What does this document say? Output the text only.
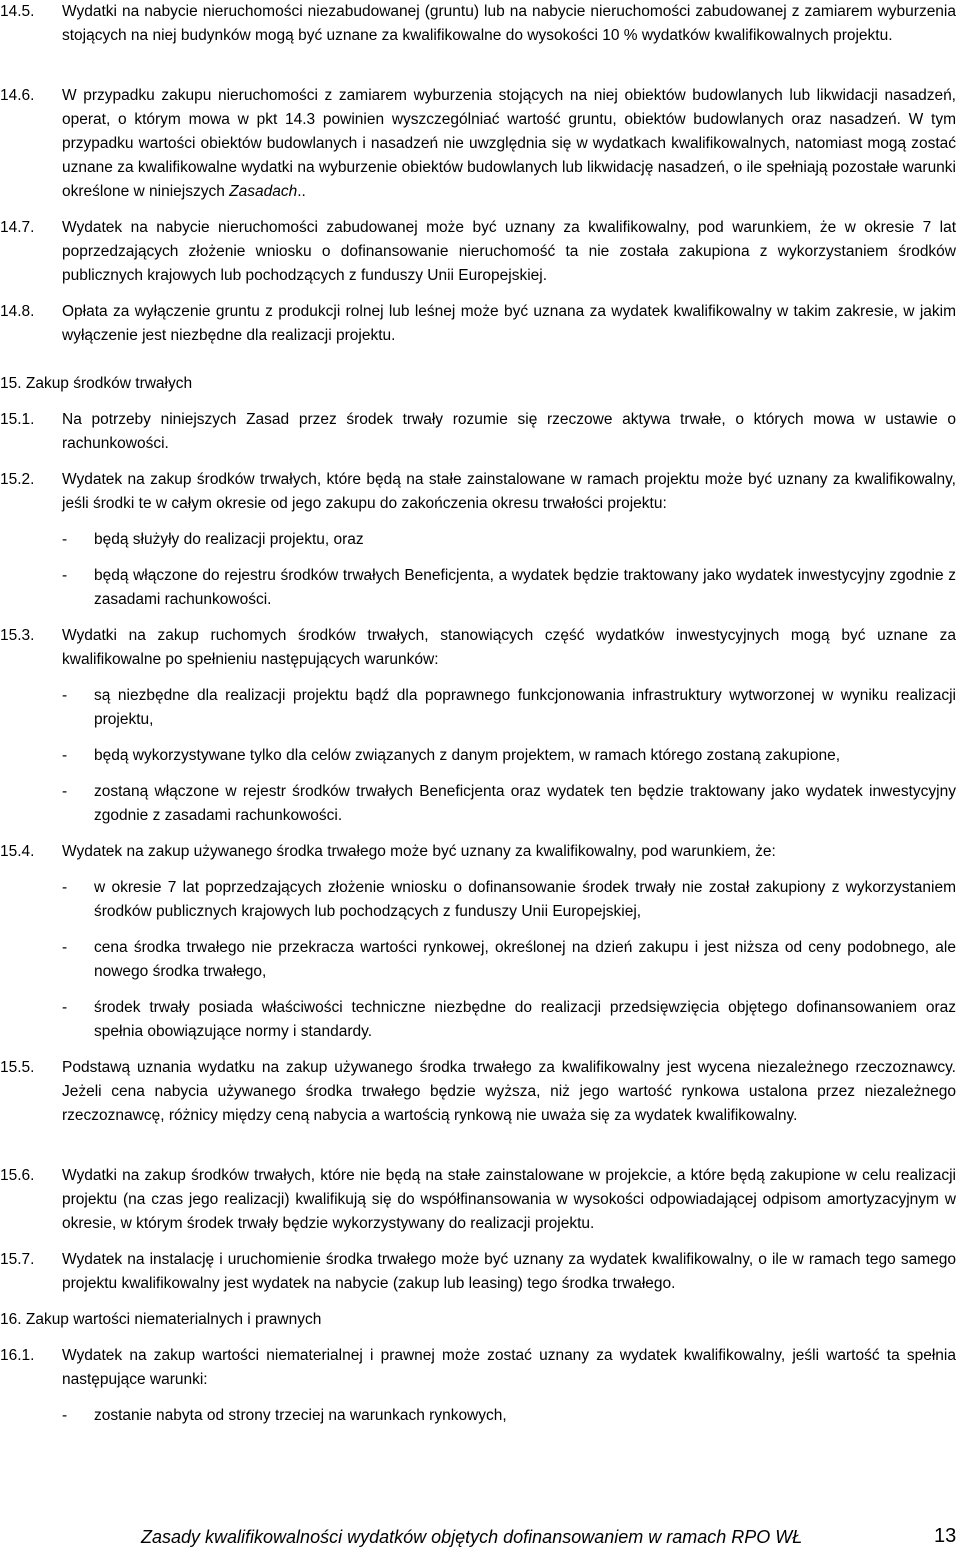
14.5.	Wydatki na nabycie nieruchomości niezabudowanej (gruntu) lub na nabycie nieruchomości zabudowanej z zamiarem wyburzenia stojących na niej budynków mogą być uznane za kwalifikowalne do wysokości 10 % wydatków kwalifikowalnych projektu.
14.6.	W przypadku zakupu nieruchomości z zamiarem wyburzenia stojących na niej obiektów budowlanych lub likwidacji nasadzeń, operat, o którym mowa w pkt 14.3 powinien wyszczególniać wartość gruntu, obiektów budowlanych oraz nasadzeń. W tym przypadku wartości obiektów budowlanych i nasadzeń nie uwzględnia się w wydatkach kwalifikowalnych, natomiast mogą zostać uznane za kwalifikowalne wydatki na wyburzenie obiektów budowlanych lub likwidację nasadzeń, o ile spełniają pozostałe warunki określone w niniejszych Zasadach..
14.7.	Wydatek na nabycie nieruchomości zabudowanej może być uznany za kwalifikowalny, pod warunkiem, że w okresie 7 lat poprzedzających złożenie wniosku o dofinansowanie nieruchomość ta nie została zakupiona z wykorzystaniem środków publicznych krajowych lub pochodzących z funduszy Unii Europejskiej.
14.8.	Opłata za wyłączenie gruntu z produkcji rolnej lub leśnej może być uznana za wydatek kwalifikowalny w takim zakresie, w jakim wyłączenie jest niezbędne dla realizacji projektu.
15. Zakup środków trwałych
15.1.	Na potrzeby niniejszych Zasad przez środek trwały rozumie się rzeczowe aktywa trwałe, o których mowa w ustawie o rachunkowości.
15.2.	Wydatek na zakup środków trwałych, które będą na stałe zainstalowane w ramach projektu może być uznany za kwalifikowalny, jeśli środki te w całym okresie od jego zakupu do zakończenia okresu trwałości projektu:
-	będą służyły do realizacji projektu, oraz
-	będą włączone do rejestru środków trwałych Beneficjenta, a wydatek będzie traktowany jako wydatek inwestycyjny zgodnie z zasadami rachunkowości.
15.3.	Wydatki na zakup ruchomych środków trwałych, stanowiących część wydatków inwestycyjnych mogą być uznane za kwalifikowalne po spełnieniu następujących warunków:
-	są niezbędne dla realizacji projektu bądź dla poprawnego funkcjonowania infrastruktury wytworzonej w wyniku realizacji projektu,
-	będą wykorzystywane tylko dla celów związanych z danym projektem, w ramach którego zostaną zakupione,
-	zostaną włączone w rejestr środków trwałych Beneficjenta oraz wydatek ten będzie traktowany jako wydatek inwestycyjny zgodnie z zasadami rachunkowości.
15.4.	Wydatek na zakup używanego środka trwałego może być uznany za kwalifikowalny, pod warunkiem, że:
-	w okresie 7 lat poprzedzających złożenie wniosku o dofinansowanie środek trwały nie został zakupiony z wykorzystaniem środków publicznych krajowych lub pochodzących z funduszy Unii Europejskiej,
-	cena środka trwałego nie przekracza wartości rynkowej, określonej na dzień zakupu i jest niższa od ceny podobnego, ale nowego środka trwałego,
-	środek trwały posiada właściwości techniczne niezbędne do realizacji przedsięwzięcia objętego dofinansowaniem oraz spełnia obowiązujące normy i standardy.
15.5.	Podstawą uznania wydatku na zakup używanego środka trwałego za kwalifikowalny jest wycena niezależnego rzeczoznawcy. Jeżeli cena nabycia używanego środka trwałego będzie wyższa, niż jego wartość rynkowa ustalona przez niezależnego rzeczoznawcę, różnicy między ceną nabycia a wartością rynkową nie uważa się za wydatek kwalifikowalny.
15.6.	Wydatki na zakup środków trwałych, które nie będą na stałe zainstalowane w projekcie, a które będą zakupione w celu realizacji projektu (na czas jego realizacji) kwalifikują się do współfinansowania w wysokości odpowiadającej odpisom amortyzacyjnym w okresie, w którym środek trwały będzie wykorzystywany do realizacji projektu.
15.7.	Wydatek na instalację i uruchomienie środka trwałego może być uznany za wydatek kwalifikowalny, o ile w ramach tego samego projektu kwalifikowalny jest wydatek na nabycie (zakup lub leasing) tego środka trwałego.
16. Zakup wartości niematerialnych i prawnych
16.1.	Wydatek na zakup wartości niematerialnej i prawnej może zostać uznany za wydatek kwalifikowalny, jeśli wartość ta spełnia następujące warunki:
-	zostanie nabyta od strony trzeciej na warunkach rynkowych,
Zasady kwalifikowalności wydatków objętych dofinansowaniem w ramach RPO WŁ	13
